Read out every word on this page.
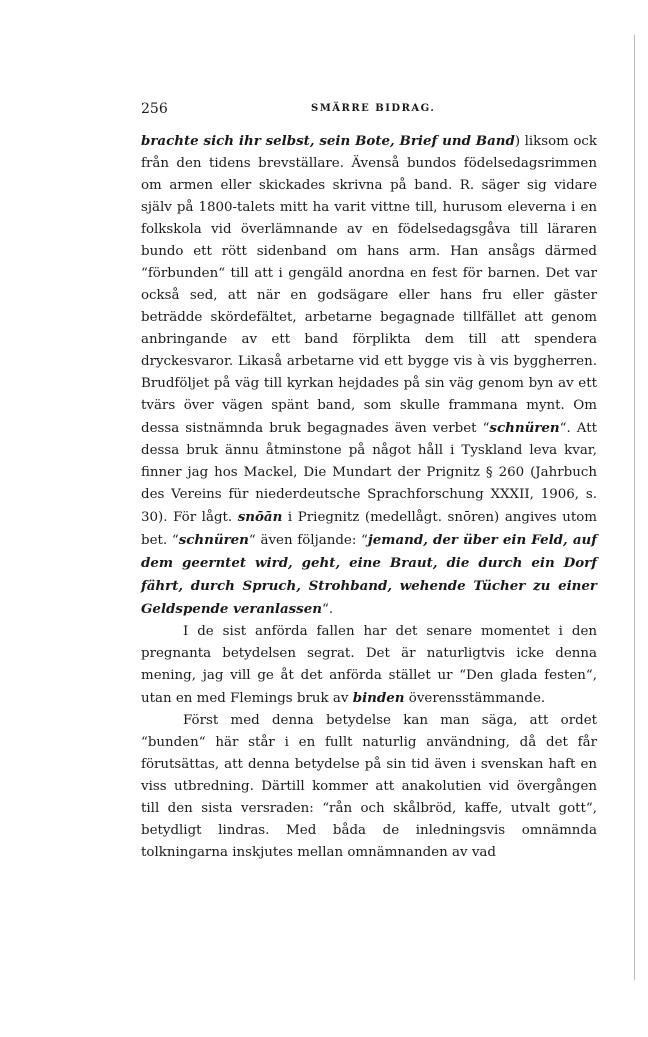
256	SMÄRRE BIDRAG.

brachte sich ihr selbst, sein Bote, Brief und Band) liksom ock från den tidens brevställare. Ävenså bundos födelsedagsrimmen om armen eller skickades skrivna på band. R. säger sig vidare själv på 1800-talets mitt ha varit vittne till, hurusom eleverna i en folkskola vid överlämnande av en födelsedagsgåva till läraren bundo ett rött sidenband om hans arm. Han ansågs därmed “förbunden“ till att i gengäld anordna en fest för barnen. Det var också sed, att när en godsägare eller hans fru eller gäster beträdde skördefältet, arbetarne begagnade tillfället att genom anbringande av ett band förplikta dem till att spendera dryckesvaror. Likaså arbetarne vid ett bygge vis à vis byggherren. Brudföljet på väg till kyrkan hejdades på sin väg genom byn av ett tvärs över vägen spänt band, som skulle frammana mynt. Om dessa sistnämnda bruk begagnades även verbet “schnüren“. Att dessa bruk ännu åtminstone på något håll i Tyskland leva kvar, finner jag hos Mackel, Die Mundart der Prignitz § 260 (Jahrbuch des Vereins für niederdeutsche Sprachforschung XXXII, 1906, s. 30). För lågt. snōān i Priegnitz (medellågt. snōren) angives utom bet. “schnüren“ även följande: “jemand, der über ein Feld, auf dem geerntet wird, geht, eine Braut, die durch ein Dorf fährt, durch Spruch, Strohband, wehende Tücher zu einer Geldspende veranlassen“.

I de sist anförda fallen har det senare momentet i den pregnanta betydelsen segrat. Det är naturligtvis icke denna mening, jag vill ge åt det anförda stället ur “Den glada festen“, utan en med Flemings bruk av binden överensstämmande.

Först med denna betydelse kan man säga, att ordet “bunden“ här står i en fullt naturlig användning, då det får förutsättas, att denna betydelse på sin tid även i svenskan haft en viss utbredning. Därtill kommer att anakolutien vid övergången till den sista versraden: “rån och skålbröd, kaffe, utvalt gott“, betydligt lindras. Med båda de inledningsvis omnämnda tolkningarna inskjutes mellan omnämnanden av vad
